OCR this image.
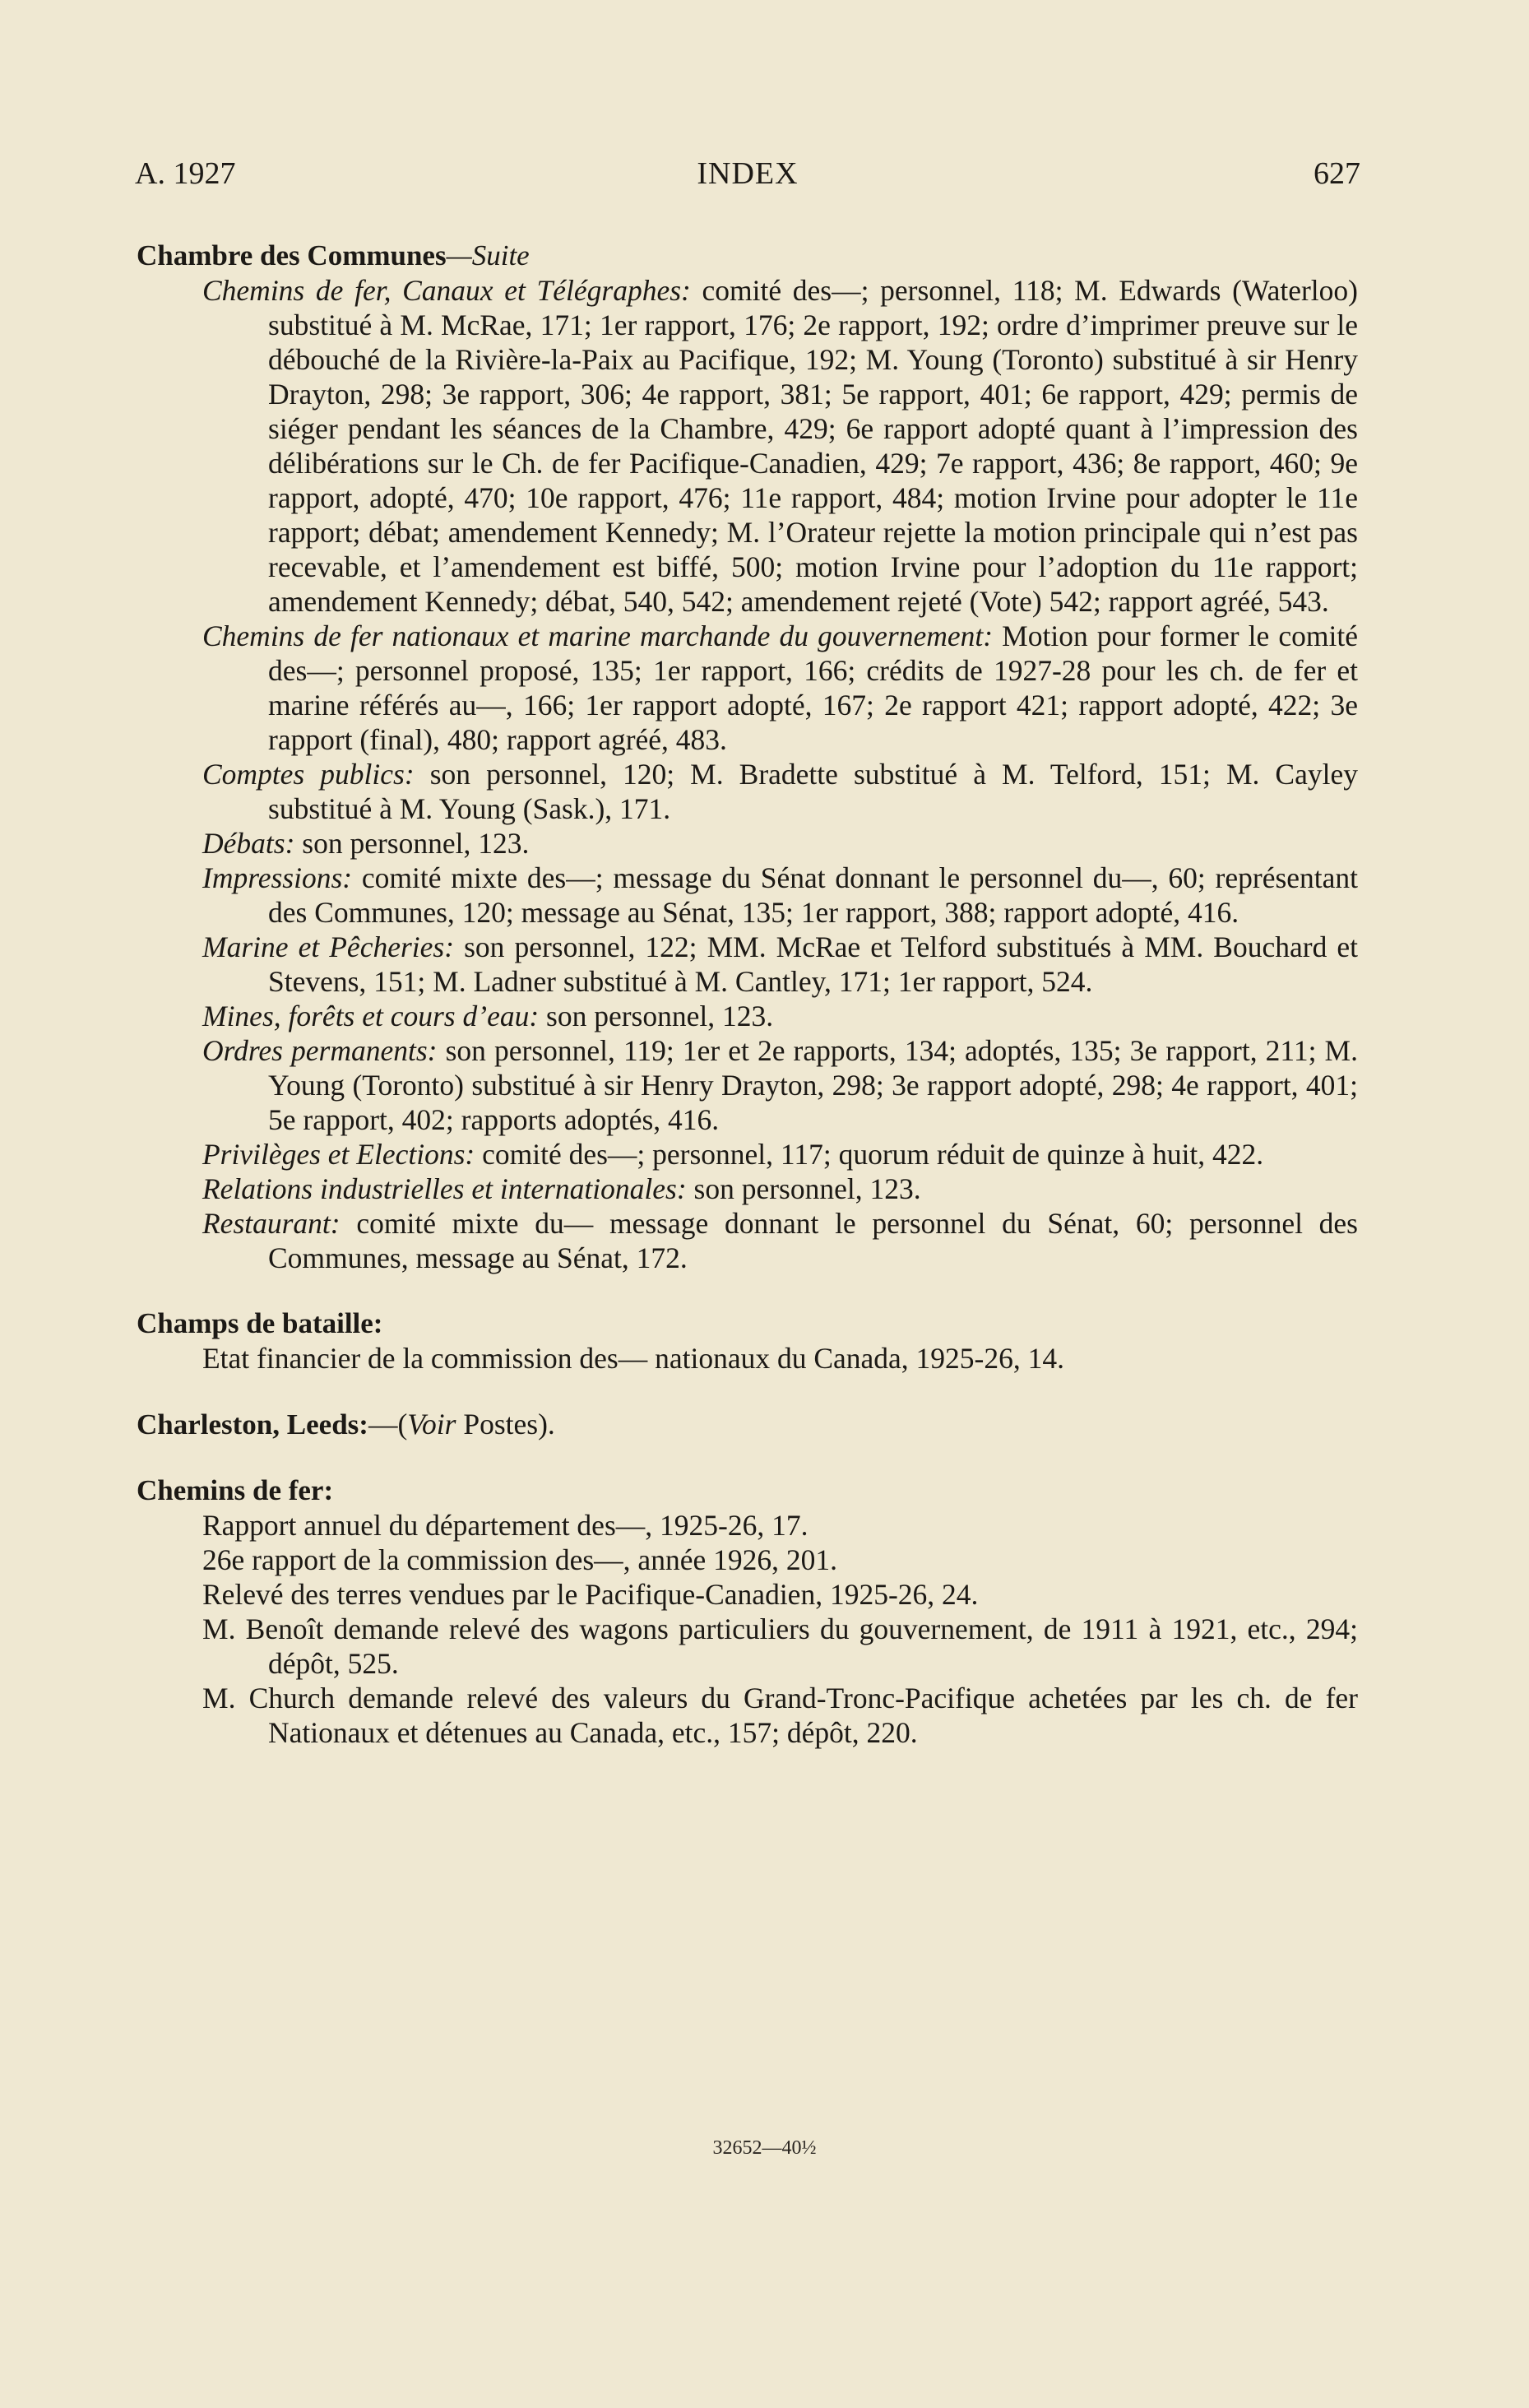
A. 1927	INDEX	627
Chambre des Communes—Suite

Chemins de fer, Canaux et Télégraphes: comité des—; personnel, 118; M. Edwards (Waterloo) substitué à M. McRae, 171; 1er rapport, 176; 2e rapport, 192; ordre d’imprimer preuve sur le débouché de la Rivière-la-Paix au Pacifique, 192; M. Young (Toronto) substitué à sir Henry Drayton, 298; 3e rapport, 306; 4e rapport, 381; 5e rapport, 401; 6e rapport, 429; permis de siéger pendant les séances de la Chambre, 429; 6e rapport adopté quant à l’impression des délibérations sur le Ch. de fer Pacifique-Canadien, 429; 7e rapport, 436; 8e rapport, 460; 9e rapport, adopté, 470; 10e rapport, 476; 11e rapport, 484; motion Irvine pour adopter le 11e rapport; débat; amendement Kennedy; M. l’Orateur rejette la motion principale qui n’est pas recevable, et l’amendement est biffé, 500; motion Irvine pour l’adoption du 11e rapport; amendement Kennedy; débat, 540, 542; amendement rejeté (Vote) 542; rapport agréé, 543.

Chemins de fer nationaux et marine marchande du gouvernement: Motion pour former le comité des—; personnel proposé, 135; 1er rapport, 166; crédits de 1927-28 pour les ch. de fer et marine référés au—, 166; 1er rapport adopté, 167; 2e rapport 421; rapport adopté, 422; 3e rapport (final), 480; rapport agréé, 483.

Comptes publics: son personnel, 120; M. Bradette substitué à M. Telford, 151; M. Cayley substitué à M. Young (Sask.), 171.

Débats: son personnel, 123.

Impressions: comité mixte des—; message du Sénat donnant le personnel du—, 60; représentant des Communes, 120; message au Sénat, 135; 1er rapport, 388; rapport adopté, 416.

Marine et Pêcheries: son personnel, 122; MM. McRae et Telford substitués à MM. Bouchard et Stevens, 151; M. Ladner substitué à M. Cantley, 171; 1er rapport, 524.

Mines, forêts et cours d’eau: son personnel, 123.

Ordres permanents: son personnel, 119; 1er et 2e rapports, 134; adoptés, 135; 3e rapport, 211; M. Young (Toronto) substitué à sir Henry Drayton, 298; 3e rapport adopté, 298; 4e rapport, 401; 5e rapport, 402; rapports adoptés, 416.

Privilèges et Elections: comité des—; personnel, 117; quorum réduit de quinze à huit, 422.

Relations industrielles et internationales: son personnel, 123.

Restaurant: comité mixte du— message donnant le personnel du Sénat, 60; personnel des Communes, message au Sénat, 172.

Champs de bataille:

Etat financier de la commission des— nationaux du Canada, 1925-26, 14.

Charleston, Leeds:—(Voir Postes).
Chemins de fer:

Rapport annuel du département des—, 1925-26, 17.

26e rapport de la commission des—, année 1926, 201.

Relevé des terres vendues par le Pacifique-Canadien, 1925-26, 24.

M. Benoît demande relevé des wagons particuliers du gouvernement, de 1911 à 1921, etc., 294; dépôt, 525.

M. Church demande relevé des valeurs du Grand-Tronc-Pacifique achetées par les ch. de fer Nationaux et détenues au Canada, etc., 157; dépôt, 220.

32652—40½
